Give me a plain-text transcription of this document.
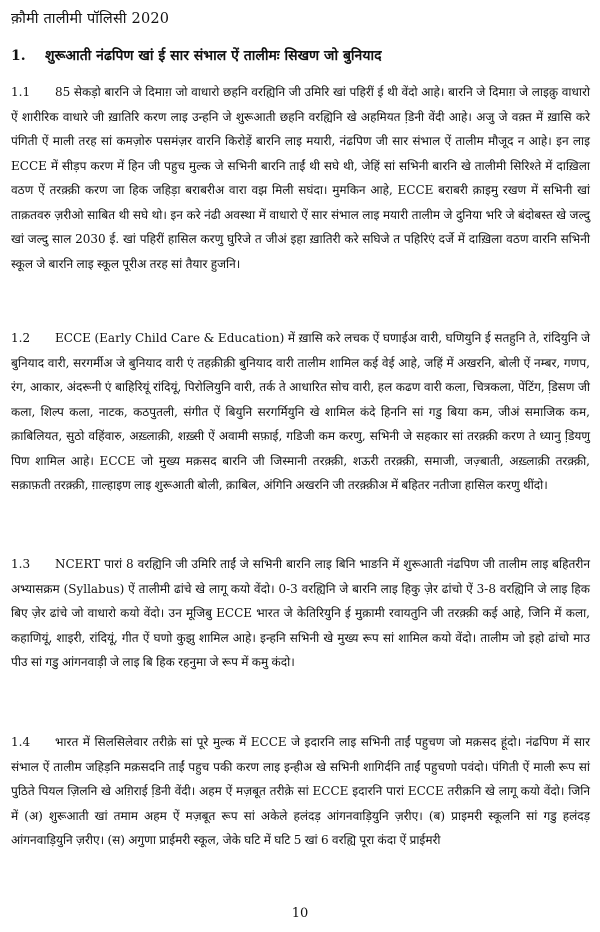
क़ौमी तालीमी पॉलिसी 2020
1. शुरूआती नंढपिण खां ई सार संभाल ऐं तालीमः सिखण जो बुनियाद
1.1 85 सेकड़ो बारनि जे दिमाग़ जो वाधारो छहनि वरह्यिनि जी उमिरि खां पहिरीं ई थी वेंदो आहे। बारनि जे दिमाग़ जे लाइक़ु वाधारो ऐं शारीरिक वाधारे जी ख़ातिरि करण लाइ उन्हनि जे शुरूआती छहनि वरह्यिनि खे अहमियत डि़नी वेंदी आहे। अजु जे वक़्त में ख़ासि करे पंगिती ऐं माली तरह सां कमज़ोरु पसमंज़र वारनि किरोड़ें बारनि लाइ मयारी, नंढपिण जी सार संभाल ऐं तालीम मौजूद न आहे। इन लाइ ECCE में सीड़प करण में हिन जी पहुच मुल्क जे सभिनी बारनि ताईं थी सघे थी, जेहिं सां सभिनी बारनि खे तालीमी सिरिश्ते में दाख़िला वठण ऐं तरक़्क़ी करण जा हिक जहिड़ा बराबरीअ वारा वझ मिली सघंदा। मुमकिन आहे, ECCE बराबरी क़ाइमु रखण में सभिनी खां ताक़तवरु ज़रीओ साबित थी सघे थो। इन करे नंढी अवस्था में वाधारो ऐं सार संभाल लाइ मयारी तालीम जे दुनिया भरि जे बंदोबस्त खे जल्दु खां जल्दु साल 2030 ई. खां पहिरीं हासिल करणु घुरिजे त जीअं इहा ख़ातिरी करे सघिजे त पहिरिएं दर्जे में दाख़िला वठण वारनि सभिनी स्कूल जे बारनि लाइ स्कूल पूरीअ तरह सां तैयार हुजनि।
1.2 ECCE (Early Child Care & Education) में ख़ासि करे लचक ऐं घणाईअ वारी, घणियुनि ई सतहुनि ते, रांदियुनि जे बुनियाद वारी, सरगर्मीअ जे बुनियाद वारी एं तहक़ीक़ी बुनियाद वारी तालीम शामिल कई वेई आहे, जहिं में अखरनि, बोली ऐं नम्बर, गणप, रंग, आकार, अंदरूनी एं बाहिरियूं रांदियूं, पिरोलियुनि वारी, तर्क ते आधारित सोच वारी, हल कढण वारी कला, चित्रकला, पेंटिंग, डि़सण जी कला, शिल्प कला, नाटक, कठपुतली, संगीत ऐं बियुनि सरगर्मियुनि खे शामिल कंदे हिननि सां गडु बिया कम, जीअं समाजिक कम, क़ाबिलियत, सुठो वहिंवारु, अख़्लाक़ी, शख़्सी ऐं अवामी सफ़ाई, गडिजी कम करणु, सभिनी जे सहकार सां तरक़्क़ी करण ते ध्यानु डि़यणु पिण शामिल आहे। ECCE जो मुख्य मक़सद बारनि जी जिस्मानी तरक़्क़ी, शऊरी तरक़्क़ी, समाजी, जज़्बाती, अख़्लाक़ी तरक़्क़ी, सक़ाफ़ती तरक़्क़ी, ग़ाल्हाइण लाइ शुरूआती बोली, क़ाबिल, अंगिनि अखरनि जी तरक़्क़ीअ में बहितर नतीजा हासिल करणु थींदो।
1.3 NCERT पारां 8 वरह्यिनि जी उमिरि ताईं जे सभिनी बारनि लाइ बिनि भाङनि में शुरूआती नंढपिण जी तालीम लाइ बहितरीन अभ्यासक्रम (Syllabus) ऐं तालीमी ढांचे खे लागू कयो वेंदो। 0-3 वरह्यिनि जे बारनि लाइ हिकु ज़ेर ढांचो ऐं 3-8 वरह्यिनि जे लाइ हिक बिए ज़ेर ढांचे जो वाधारो कयो वेंदो। उन मूजिबु ECCE भारत जे केतिरियुनि ई मुक़ामी रवायतुनि जी तरक़्क़ी कई आहे, जिनि में कला, कहाणियूं, शाइरी, रांदियूं, गीत ऐं घणो कुझु शामिल आहे। इन्हनि सभिनी खे मुख्य रूप सां शामिल कयो वेंदो। तालीम जो इहो ढांचो माउ पीउ सां गडु आंगनवाड़ी जे लाइ बि हिक रहनुमा जे रूप में कमु कंदो।
1.4 भारत में सिलसिलेवार तरीक़े सां पूरे मुल्क में ECCE जे इदारनि लाइ सभिनी ताईं पहुचण जो मक़सद हूंदो। नंढपिण में सार संभाल ऐं तालीम जहिड़नि मक़सदनि ताईं पहुच पकी करण लाइ इन्हीअ खे सभिनी शागिर्दनि ताईं पहुचणो पवंदो। पंगिती ऐं माली रूप सां पुठिते पियल ज़िलनि खे अग़िराई डि़नी वेंदी। अहम ऐं मज़बूत तरीक़े सां ECCE इदारनि पारां ECCE तरीक़नि खे लागू कयो वेंदो। जिनि में (अ) शुरूआती खां तमाम अहम ऐं मज़बूत रूप सां अकेले हलंदड़ आंगनवाड़ियुनि ज़रीए। (ब) प्राइमरी स्कूलनि सां गडु हलंदड़ आंगनवाड़ियुनि ज़रीए। (स) अगुणा प्राईमरी स्कूल, जेके घटि में घटि 5 खां 6 वरह्यि पूरा कंदा ऐं प्राईमरी
10
